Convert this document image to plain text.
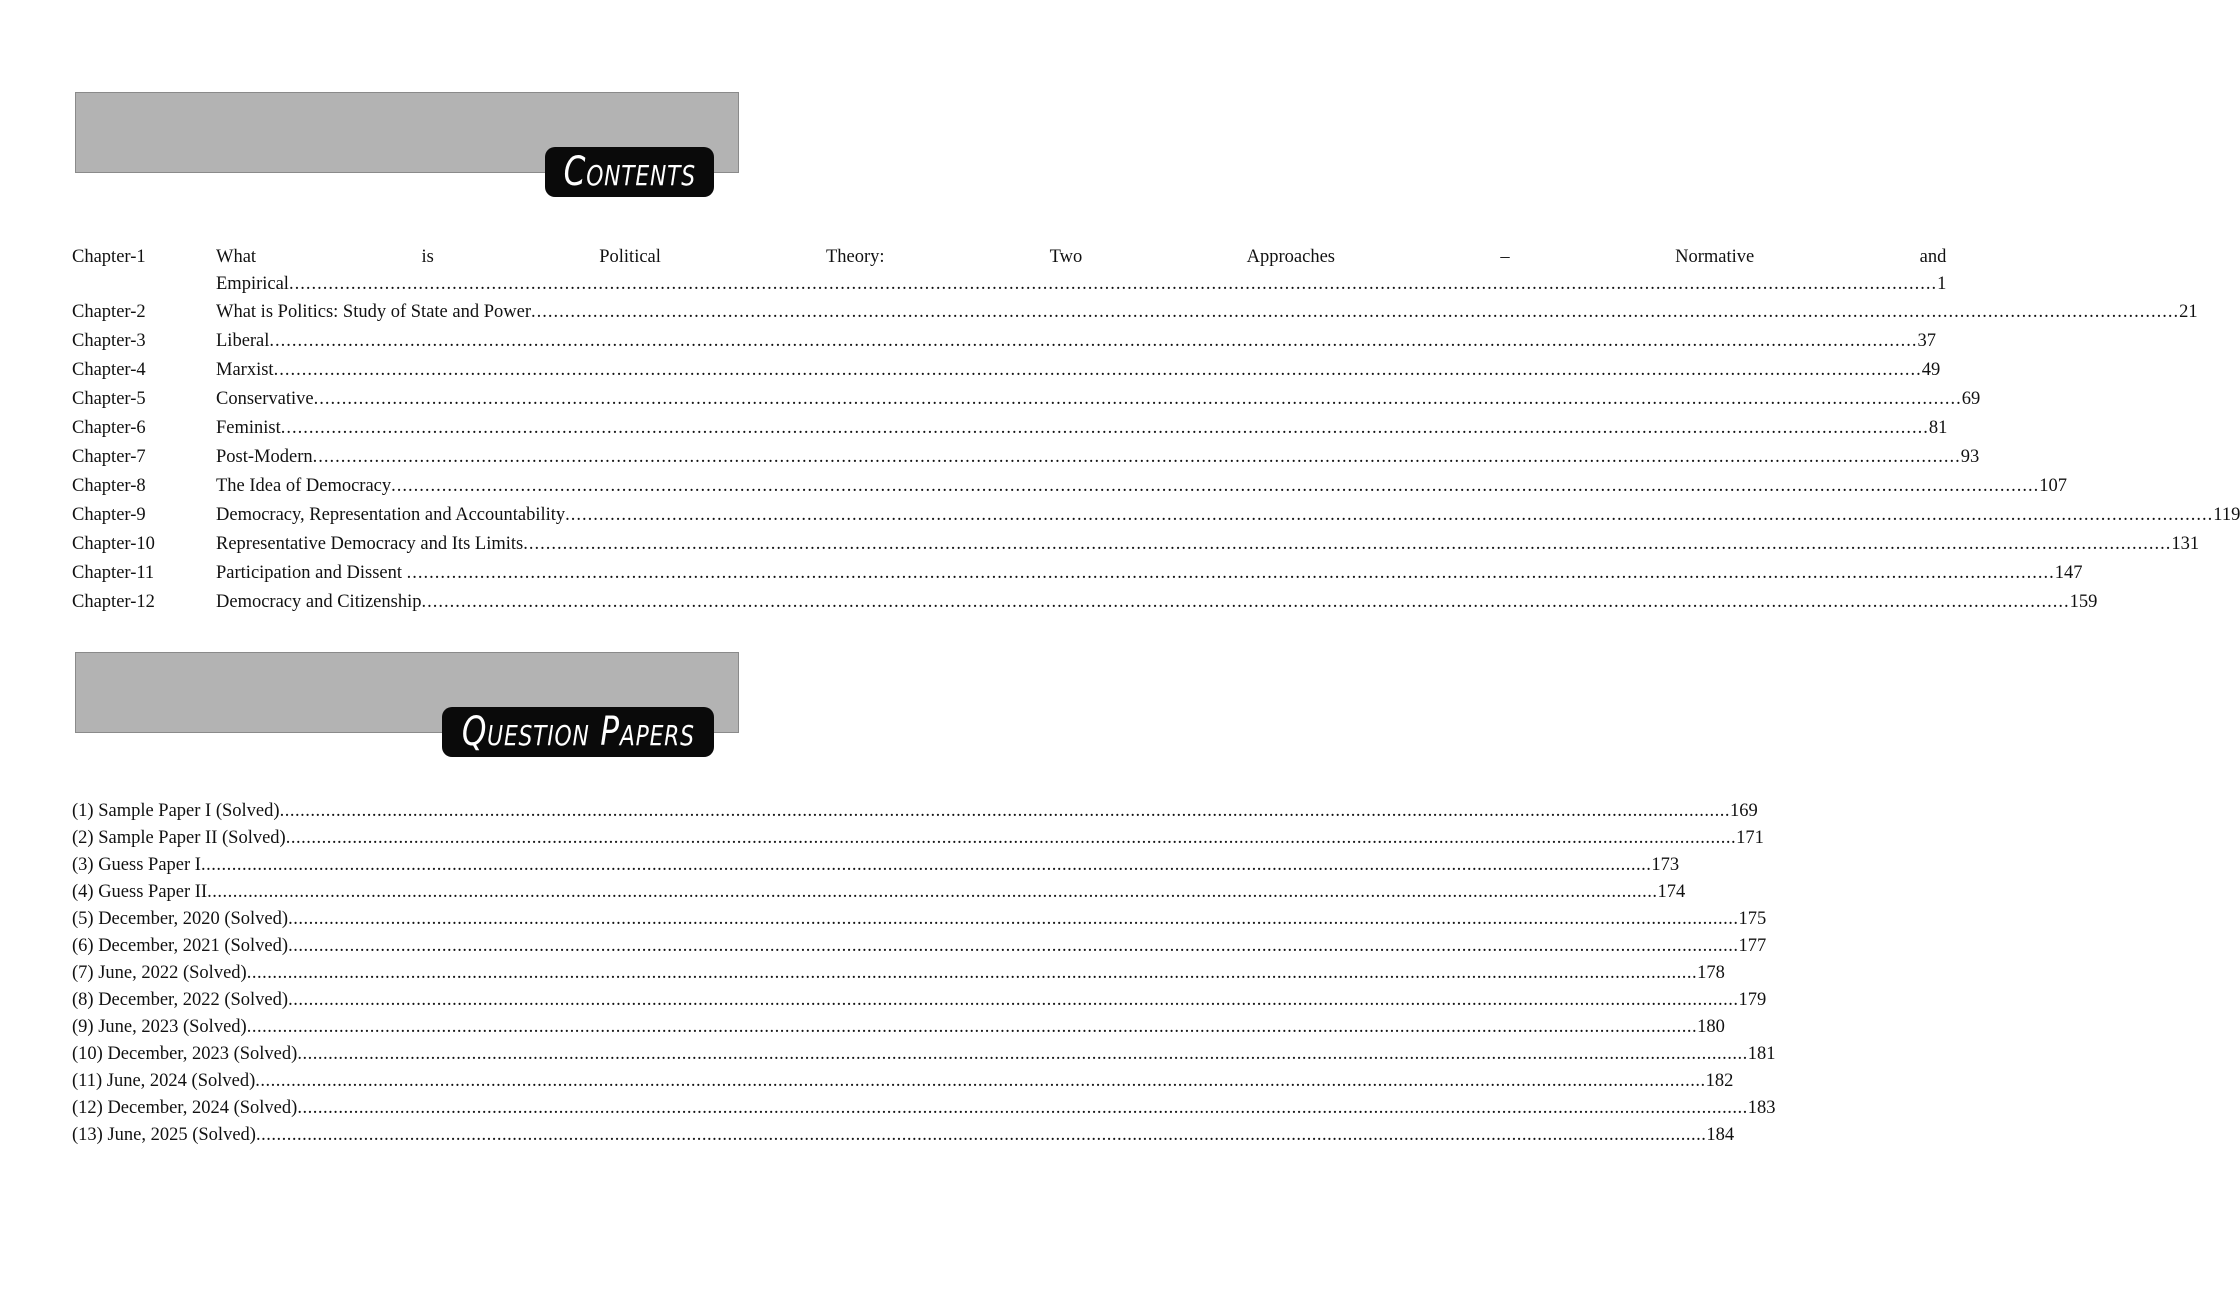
Contents
Chapter-1	What is Political Theory: Two Approaches – Normative and
Empirical .....	1
Chapter-2	What is Politics: Study of State and Power .....	21
Chapter-3	Liberal .....	37
Chapter-4	Marxist .....	49
Chapter-5	Conservative .....	69
Chapter-6	Feminist .....	81
Chapter-7	Post-Modern .....	93
Chapter-8	The Idea of Democracy .....	107
Chapter-9	Democracy, Representation and Accountability .....	119
Chapter-10	Representative Democracy and Its Limits .....	131
Chapter-11	Participation and Dissent .....	147
Chapter-12	Democracy and Citizenship .....	159
Question Papers
(1) Sample Paper I (Solved) .....	169
(2) Sample Paper II (Solved) .....	171
(3) Guess Paper I .....	173
(4) Guess Paper II .....	174
(5) December, 2020 (Solved) .....	175
(6) December, 2021 (Solved) .....	177
(7) June, 2022 (Solved) .....	178
(8) December, 2022 (Solved) .....	179
(9) June, 2023 (Solved) .....	180
(10) December, 2023 (Solved) .....	181
(11) June, 2024 (Solved) .....	182
(12) December, 2024 (Solved) .....	183
(13) June, 2025 (Solved) .....	184
